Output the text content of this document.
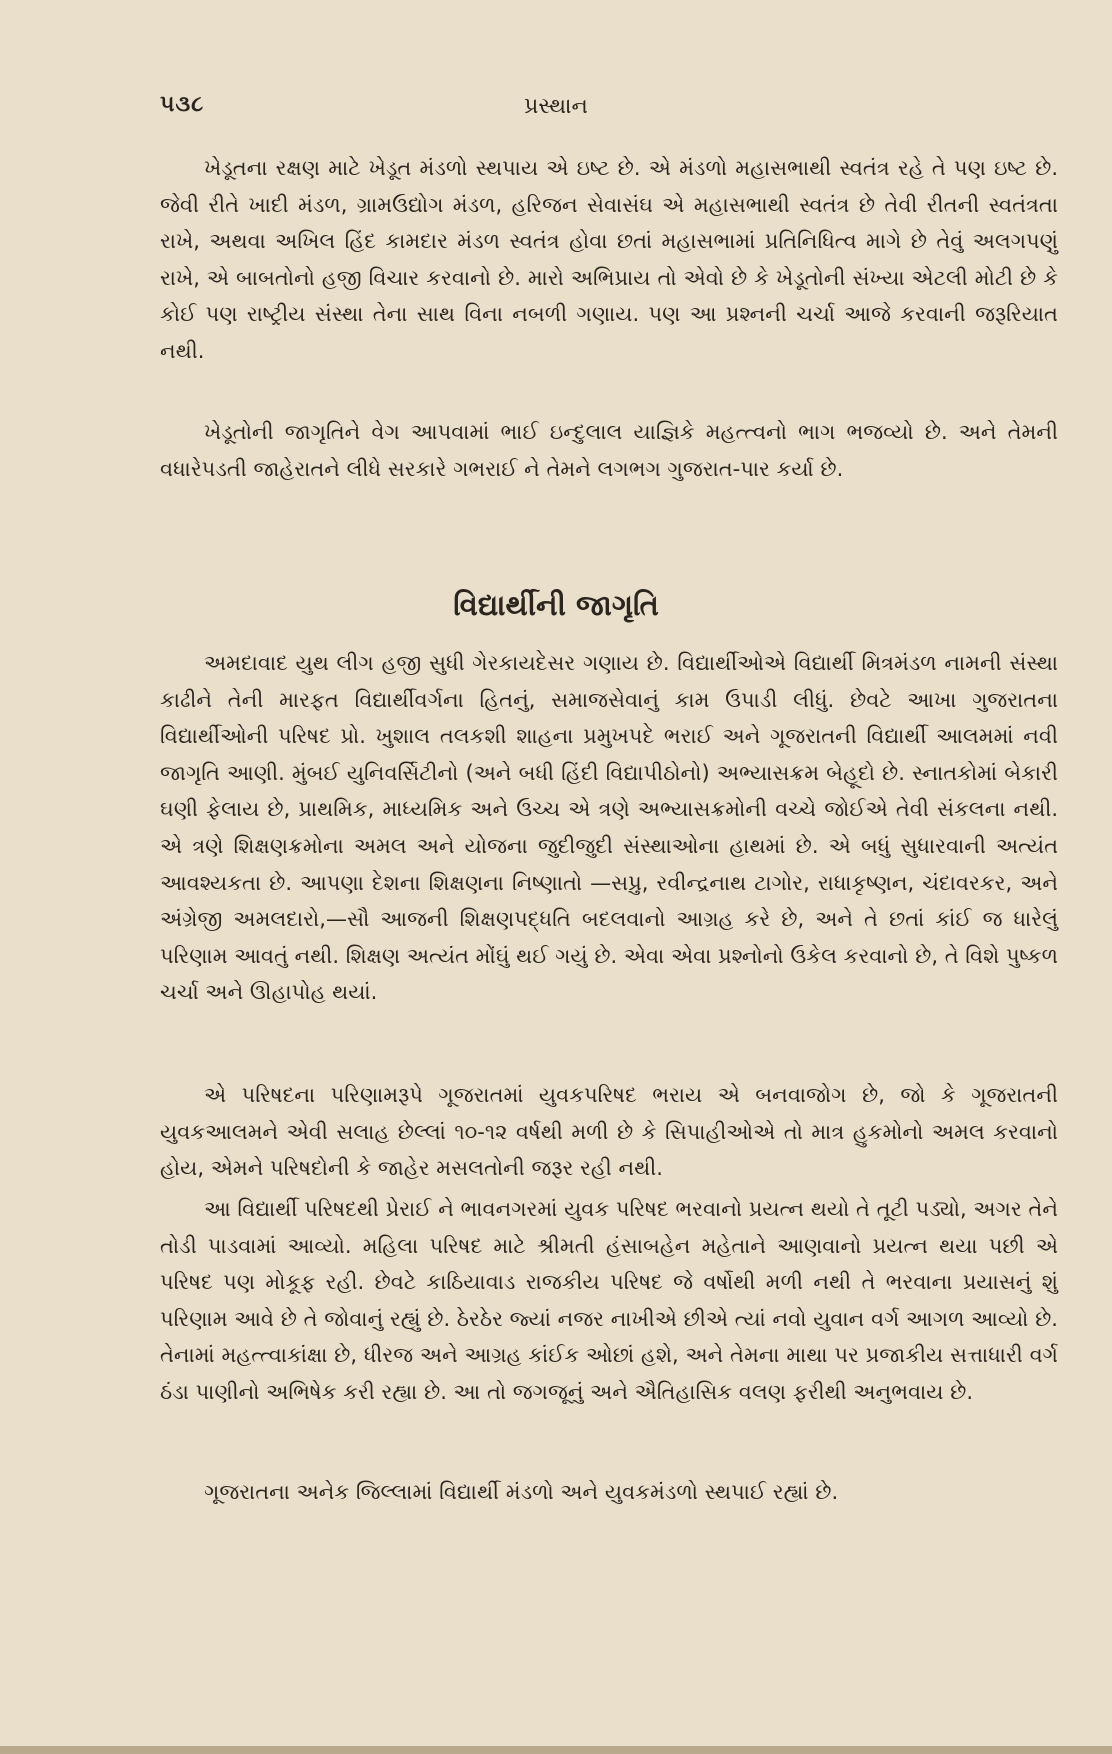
૫૩૮	પ્રસ્થાન

ખેડૂતના રક્ષણ માટે ખેડૂત મંડળો સ્થપાય એ ઇષ્ટ છે. એ મંડળો મહાસભાથી સ્વતંત્ર રહે તે પણ ઇષ્ટ છે. જેવી રીતે ખાદી મંડળ, ગ્રામઉદ્યોગ મંડળ, હરિજન સેવાસંઘ એ મહાસભાથી સ્વતંત્ર છે તેવી રીતની સ્વતંત્રતા રાખે, અથવા અખિલ હિંદ કામદાર મંડળ સ્વતંત્ર હોવા છતાં મહાસભામાં પ્રતિનિધિત્વ માગે છે તેવું અલગપણું રાખે, એ બાબતોનો હજી વિચાર કરવાનો છે. મારો અભિપ્રાય તો એવો છે કે ખેડૂતોની સંખ્યા એટલી મોટી છે કે કોઈ પણ રાષ્ટ્રીય સંસ્થા તેના સાથ વિના નબળી ગણાય. પણ આ પ્રશ્નની ચર્ચા આજે કરવાની જરૂરિયાત નથી.

ખેડૂતોની જાગૃતિને વેગ આપવામાં ભાઈ ઇન્દુલાલ યાજ્ઞિકે મહત્ત્વનો ભાગ ભજવ્યો છે. અને તેમની વધારેપડતી જાહેરાતને લીધે સરકારે ગભરાઈ ને તેમને લગભગ ગુજરાત-પાર કર્યા છે.

વિદ્યાર્થીની જાગૃતિ

અમદાવાદ યુથ લીગ હજી સુધી ગેરકાયદેસર ગણાય છે. વિદ્યાર્થીઓએ વિદ્યાર્થી મિત્રમંડળ નામની સંસ્થા કાઢીને તેની મારફત વિદ્યાર્થીવર્ગના હિતનું, સમાજસેવાનું કામ ઉપાડી લીધું. છેવટે આખા ગુજરાતના વિદ્યાર્થીઓની પરિષદ પ્રો. ખુશાલ તલકશી શાહના પ્રમુખપદે ભરાઈ અને ગૂજરાતની વિદ્યાર્થી આલમમાં નવી જાગૃતિ આણી. મુંબઈ યુનિવર્સિટીનો (અને બધી હિંદી વિદ્યાપીઠોનો) અભ્યાસક્રમ બેહૂદો છે. સ્નાતકોમાં બેકારી ઘણી ફેલાય છે, પ્રાથમિક, માધ્યમિક અને ઉચ્ચ એ ત્રણે અભ્યાસક્રમોની વચ્ચે જોઈએ તેવી સંકલના નથી. એ ત્રણે શિક્ષણક્રમોના અમલ અને યોજના જુદીજુદી સંસ્થાઓના હાથમાં છે. એ બધું સુધારવાની અત્યંત આવશ્યકતા છે. આપણા દેશના શિક્ષણના નિષ્ણાતો —સપ્રુ, રવીન્દ્રનાથ ટાગોર, રાધાકૃષ્ણન, ચંદાવરકર, અને અંગ્રેજી અમલદારો,—સૌ આજની શિક્ષણપદ્ધતિ બદલવાનો આગ્રહ કરે છે, અને તે છતાં કાંઈ જ ધારેલું પરિણામ આવતું નથી. શિક્ષણ અત્યંત મોંઘું થઈ ગયું છે. એવા એવા પ્રશ્નોનો ઉકેલ કરવાનો છે, તે વિશે પુષ્કળ ચર્ચા અને ઊહાપોહ થયાં.

એ પરિષદના પરિણામરૂપે ગૂજરાતમાં યુવકપરિષદ ભરાય એ બનવાજોગ છે, જો કે ગૂજરાતની યુવકઆલમને એવી સલાહ છેલ્લાં ૧૦-૧૨ વર્ષથી મળી છે કે સિપાહીઓએ તો માત્ર હુકમોનો અમલ કરવાનો હોય, એમને પરિષદોની કે જાહેર મસલતોની જરૂર રહી નથી.

આ વિદ્યાર્થી પરિષદથી પ્રેરાઈ ને ભાવનગરમાં યુવક પરિષદ ભરવાનો પ્રયત્ન થયો તે તૂટી પડ્યો, અગર તેને તોડી પાડવામાં આવ્યો. મહિલા પરિષદ માટે શ્રીમતી હંસાબહેન મહેતાને આણવાનો પ્રયત્ન થયા પછી એ પરિષદ પણ મોકૂફ રહી. છેવટે કાઠિયાવાડ રાજકીય પરિષદ જે વર્ષોથી મળી નથી તે ભરવાના પ્રયાસનું શું પરિણામ આવે છે તે જોવાનું રહ્યું છે. ઠેરઠેર જ્યાં નજર નાખીએ છીએ ત્યાં નવો યુવાન વર્ગ આગળ આવ્યો છે. તેનામાં મહત્ત્વાકાંક્ષા છે, ધીરજ અને આગ્રહ કાંઈક ઓછાં હશે, અને તેમના માથા પર પ્રજાકીય સત્તાધારી વર્ગ ઠંડા પાણીનો અભિષેક કરી રહ્યા છે. આ તો જગજૂનું અને ઐતિહાસિક વલણ ફરીથી અનુભવાય છે.

ગૂજરાતના અનેક જિલ્લામાં વિદ્યાર્થી મંડળો અને યુવકમંડળો સ્થપાઈ રહ્યાં છે.
